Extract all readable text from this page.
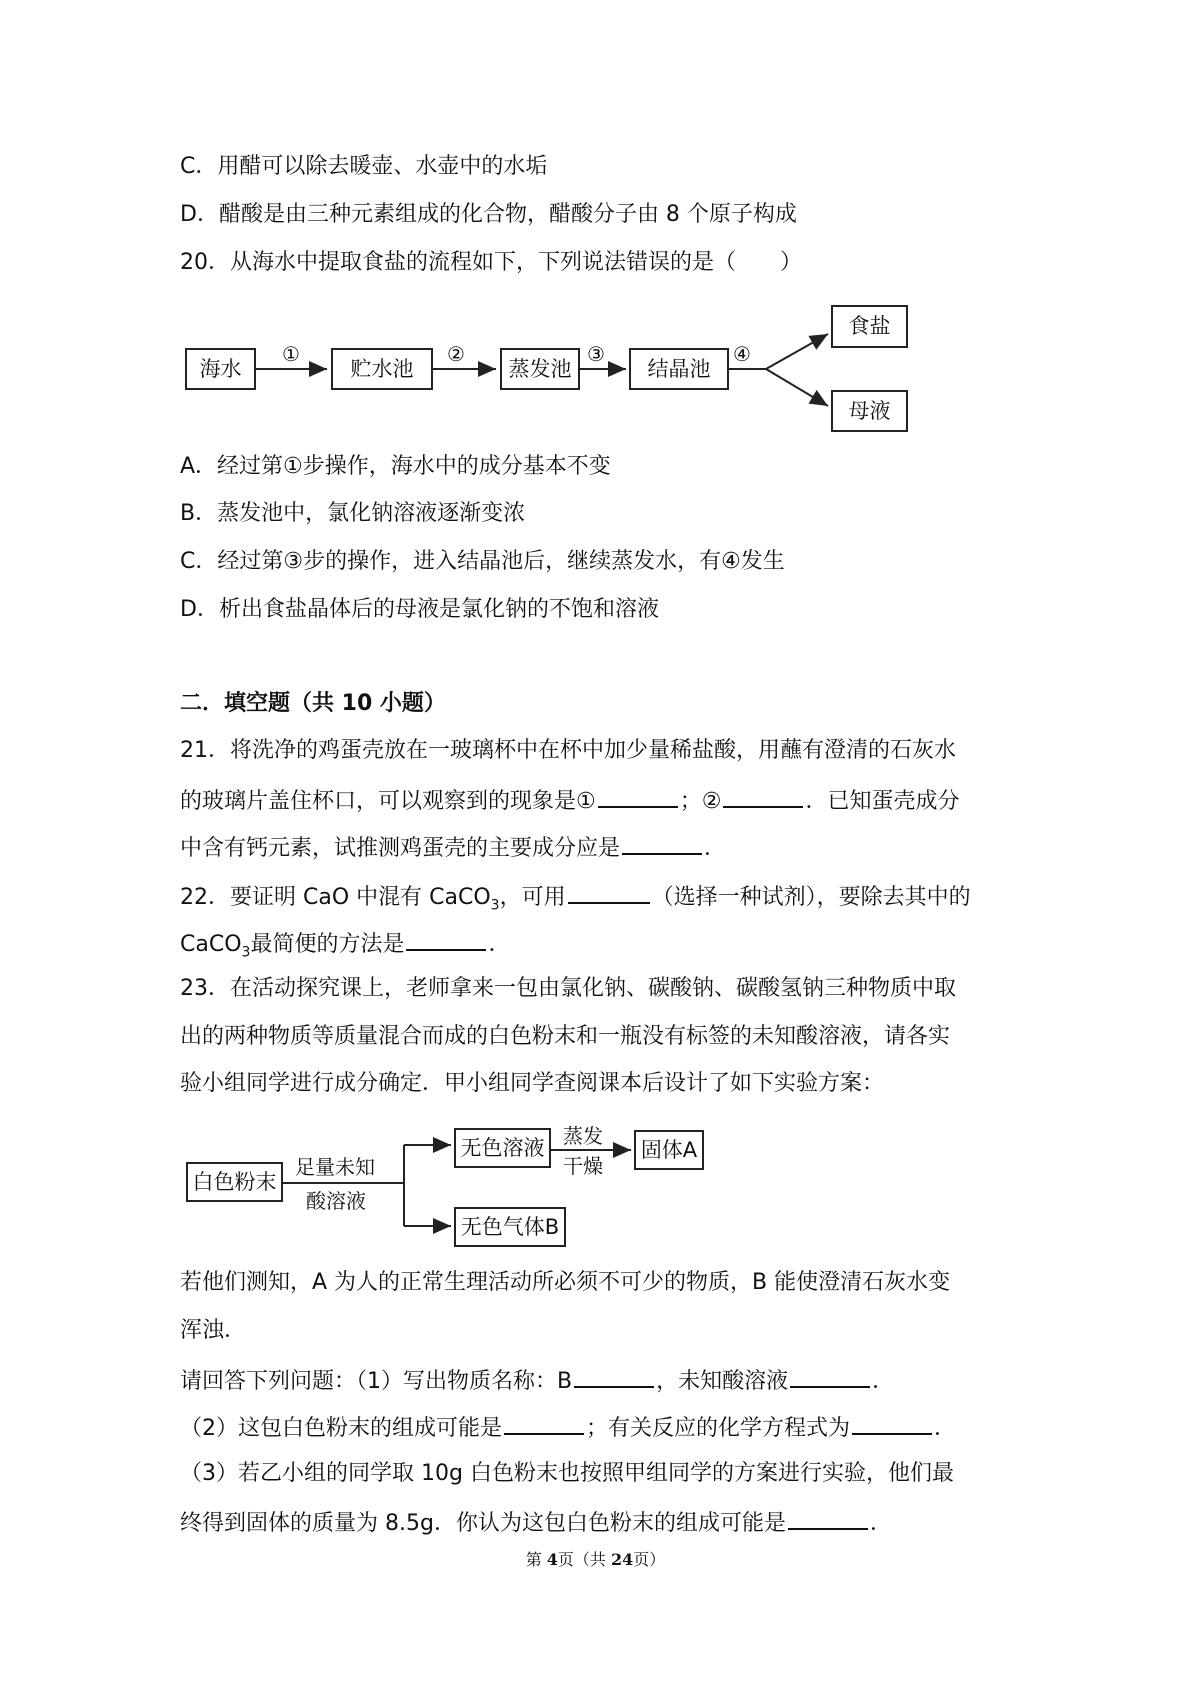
C．用醋可以除去暖壶、水壶中的水垢
D．醋酸是由三种元素组成的化合物，醋酸分子由 8 个原子构成
20．从海水中提取食盐的流程如下，下列说法错误的是（　　）
海水	贮水池	蒸发池	结晶池
食盐
母液
①	②	③	④
A．经过第①步操作，海水中的成分基本不变
B．蒸发池中，氯化钠溶液逐渐变浓
C．经过第③步的操作，进入结晶池后，继续蒸发水，有④发生
D．析出食盐晶体后的母液是氯化钠的不饱和溶液
二．填空题（共 10 小题）
21．将洗净的鸡蛋壳放在一玻璃杯中在杯中加少量稀盐酸，用蘸有澄清的石灰水
的玻璃片盖住杯口，可以观察到的现象是①	；②	．已知蛋壳成分
中含有钙元素，试推测鸡蛋壳的主要成分应是	．
22．要证明 CaO 中混有 CaCO$_3$，可用	（选择一种试剂），要除去其中的
CaCO$_3$最简便的方法是	．
23．在活动探究课上，老师拿来一包由氯化钠、碳酸钠、碳酸氢钠三种物质中取
出的两种物质等质量混合而成的白色粉末和一瓶没有标签的未知酸溶液，请各实
验小组同学进行成分确定．甲小组同学查阅课本后设计了如下实验方案：
白色粉末
无色溶液	固体A
无色气体B
足量未知
酸溶液
蒸发
干燥
若他们测知，A 为人的正常生理活动所必须不可少的物质，B 能使澄清石灰水变
浑浊．
请回答下列问题：（1）写出物质名称：B	，未知酸溶液	．
（2）这包白色粉末的组成可能是	；有关反应的化学方程式为	．
（3）若乙小组的同学取 10g 白色粉末也按照甲组同学的方案进行实验，他们最
终得到固体的质量为 8.5g．你认为这包白色粉末的组成可能是	．
第 4页（共 24页）
